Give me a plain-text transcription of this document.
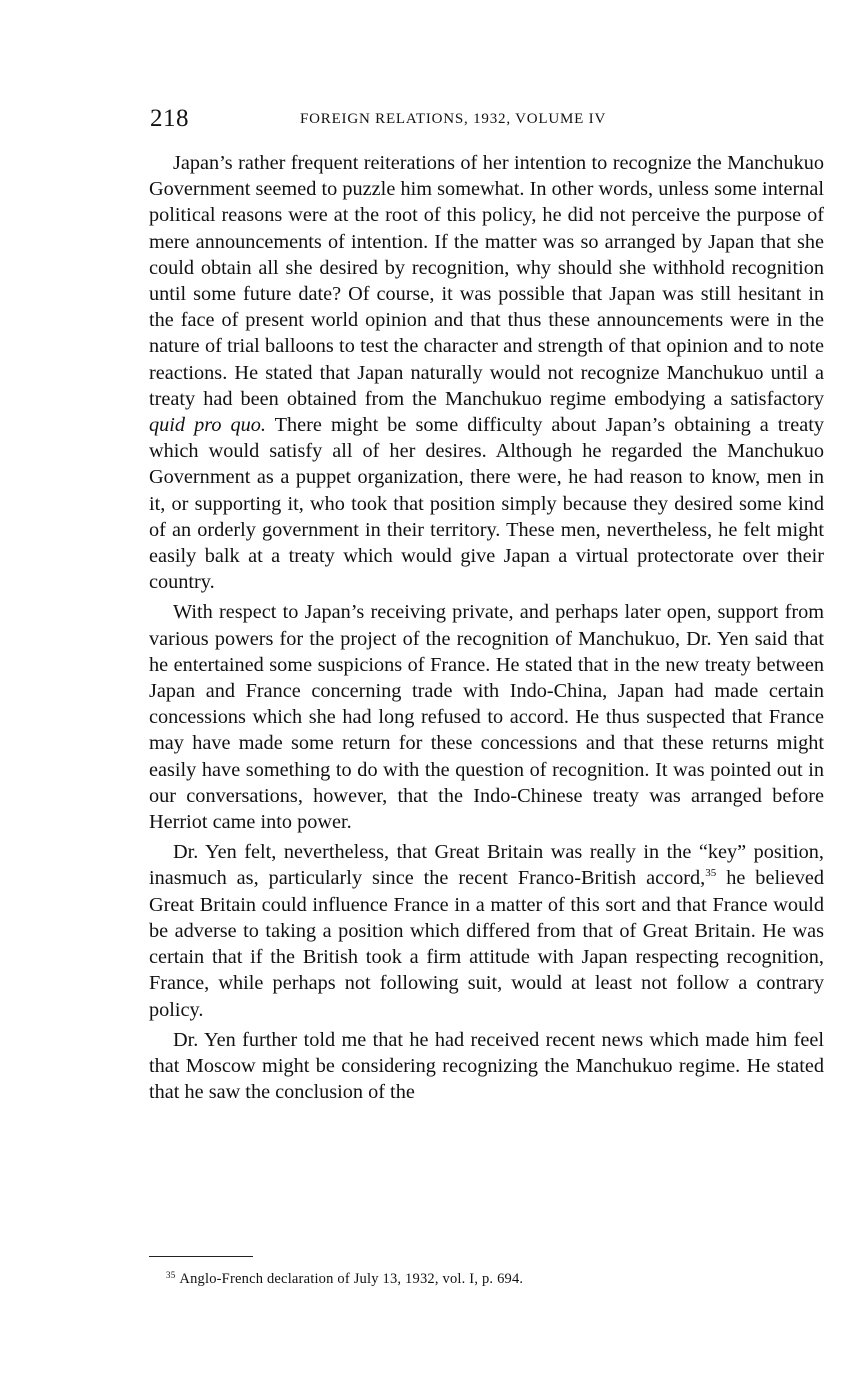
218	FOREIGN RELATIONS, 1932, VOLUME IV

Japan’s rather frequent reiterations of her intention to recognize the Manchukuo Government seemed to puzzle him somewhat. In other words, unless some internal political reasons were at the root of this policy, he did not perceive the purpose of mere announcements of intention. If the matter was so arranged by Japan that she could obtain all she desired by recognition, why should she withhold recognition until some future date? Of course, it was possible that Japan was still hesitant in the face of present world opinion and that thus these announcements were in the nature of trial balloons to test the character and strength of that opinion and to note reactions. He stated that Japan naturally would not recognize Manchukuo until a treaty had been obtained from the Manchukuo regime embodying a satisfactory quid pro quo. There might be some difficulty about Japan’s obtaining a treaty which would satisfy all of her desires. Although he regarded the Manchukuo Government as a puppet organization, there were, he had reason to know, men in it, or supporting it, who took that position simply because they desired some kind of an orderly government in their territory. These men, nevertheless, he felt might easily balk at a treaty which would give Japan a virtual protectorate over their country.

With respect to Japan’s receiving private, and perhaps later open, support from various powers for the project of the recognition of Manchukuo, Dr. Yen said that he entertained some suspicions of France. He stated that in the new treaty between Japan and France concerning trade with Indo-China, Japan had made certain concessions which she had long refused to accord. He thus suspected that France may have made some return for these concessions and that these returns might easily have something to do with the question of recognition. It was pointed out in our conversations, however, that the Indo-Chinese treaty was arranged before Herriot came into power.

Dr. Yen felt, nevertheless, that Great Britain was really in the “key” position, inasmuch as, particularly since the recent Franco-British accord,$^{35}$ he believed Great Britain could influence France in a matter of this sort and that France would be adverse to taking a position which differed from that of Great Britain. He was certain that if the British took a firm attitude with Japan respecting recognition, France, while perhaps not following suit, would at least not follow a contrary policy.

Dr. Yen further told me that he had received recent news which made him feel that Moscow might be considering recognizing the Manchukuo regime. He stated that he saw the conclusion of the

$^{35}$ Anglo-French declaration of July 13, 1932, vol. I, p. 694.
